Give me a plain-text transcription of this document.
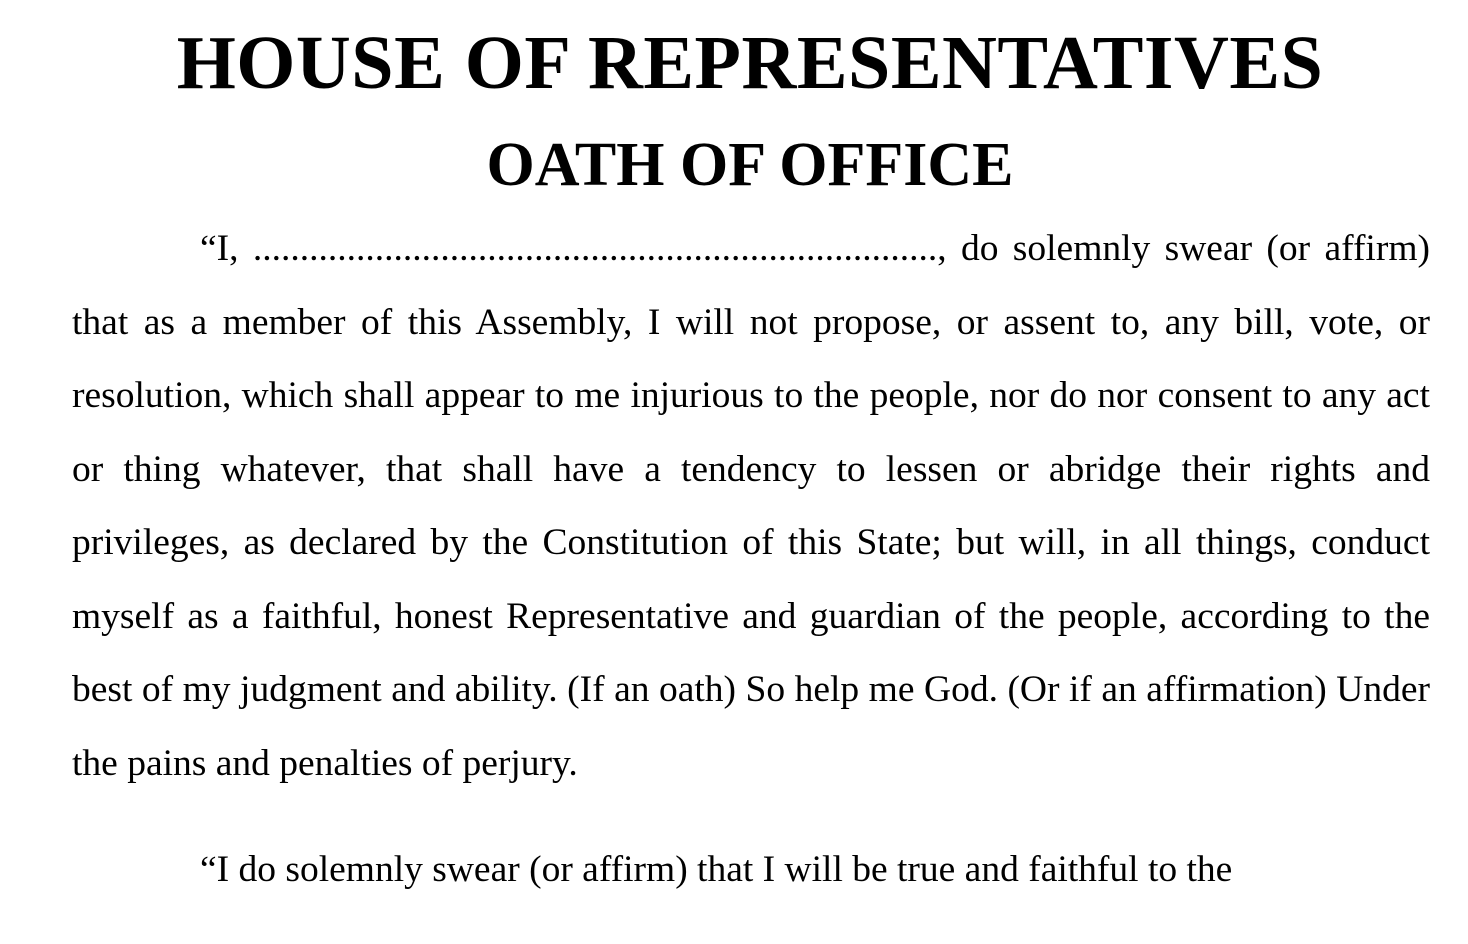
HOUSE OF REPRESENTATIVES
OATH OF OFFICE

“I, ........................................................................., do solemnly swear (or affirm) that as a member of this Assembly, I will not propose, or assent to, any bill, vote, or resolution, which shall appear to me injurious to the people, nor do nor consent to any act or thing whatever, that shall have a tendency to lessen or abridge their rights and privileges, as declared by the Constitution of this State; but will, in all things, conduct myself as a faithful, honest Representative and guardian of the people, according to the best of my judgment and ability. (If an oath) So help me God. (Or if an affirmation) Under the pains and penalties of perjury.

“I do solemnly swear (or affirm) that I will be true and faithful to the
